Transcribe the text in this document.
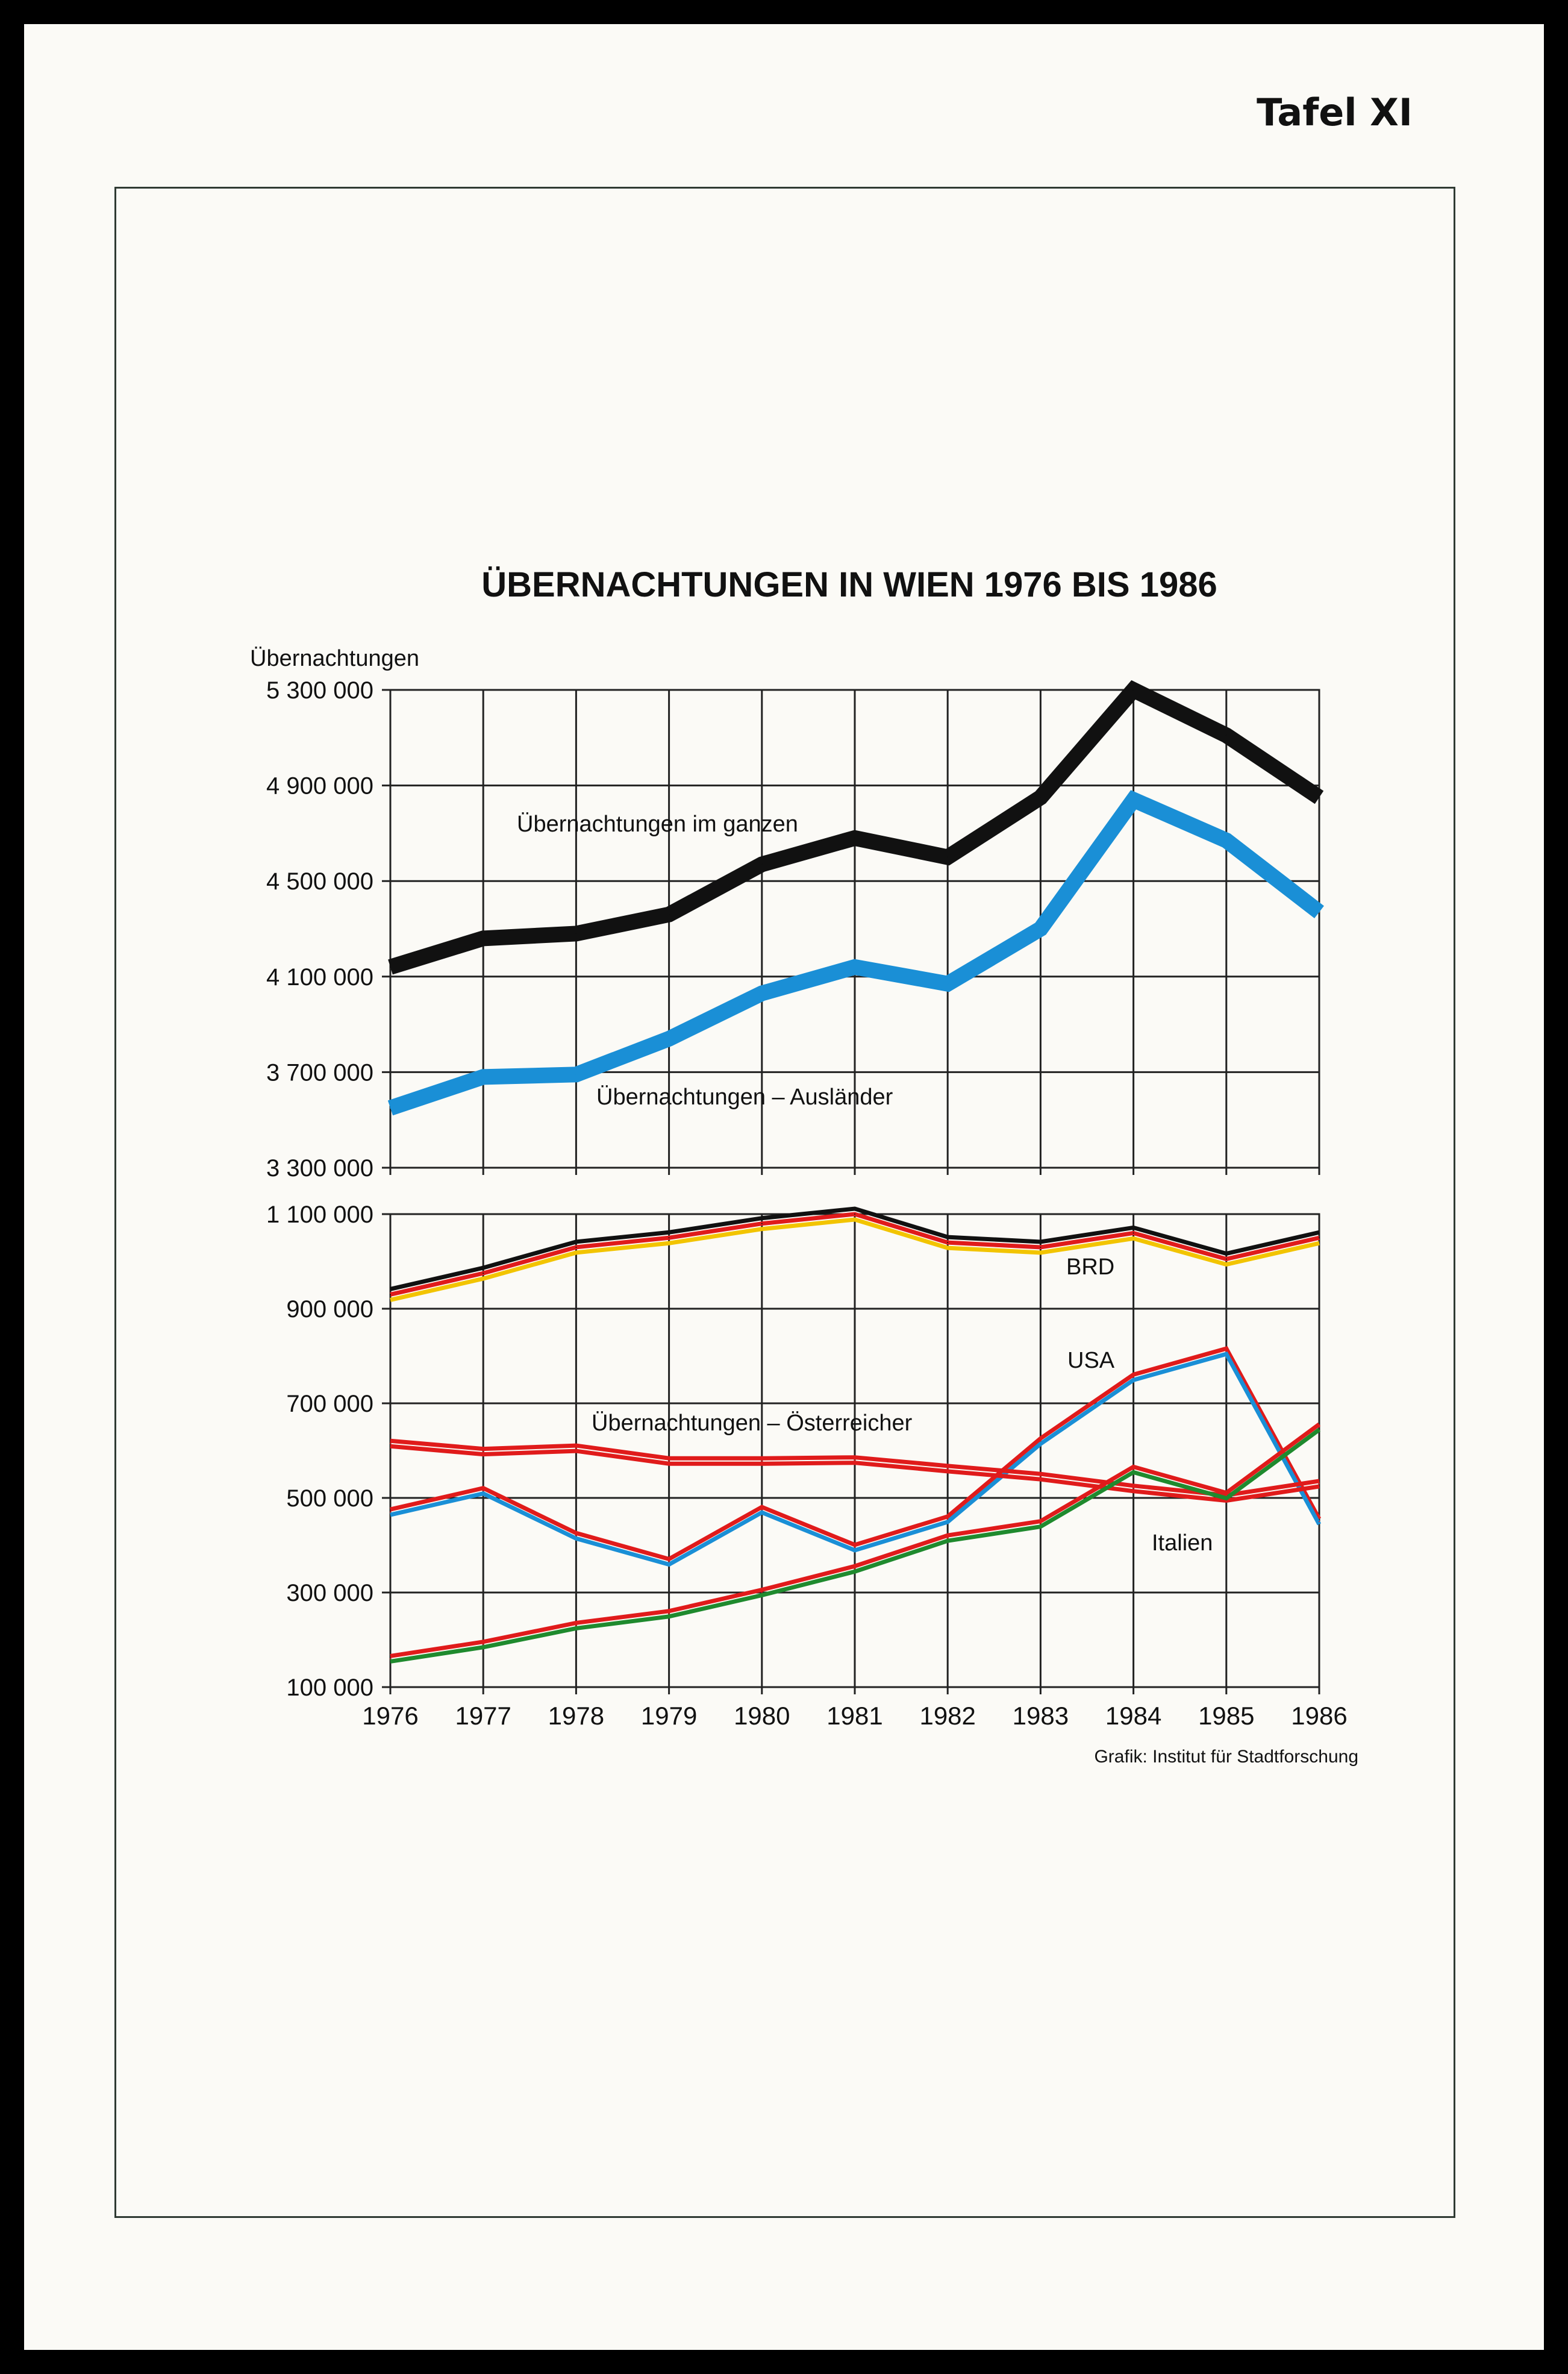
Tafel XI
ÜBERNACHTUNGEN IN WIEN 1976 BIS 1986
Übernachtungen
Grafik: Institut für Stadtforschung
3 300 000
3 700 000
4 100 000
4 500 000
4 900 000
5 300 000
Übernachtungen im ganzen
Übernachtungen – Ausländer
100 000
300 000
500 000
700 000
900 000
1 100 000
1976 1977 1978 1979 1980 1981 1982 1983 1984 1985 1986
BRD
USA
Übernachtungen – Österreicher
Italien
